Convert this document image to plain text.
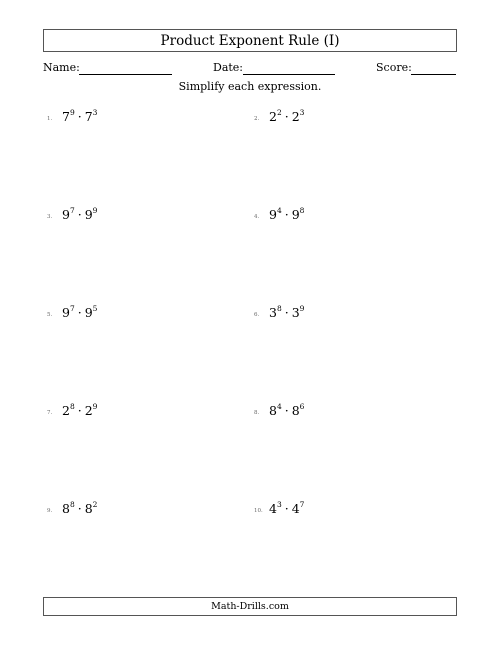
Product Exponent Rule (I)
Name:	Date:	Score:
Simplify each expression.
1. $7^9 \cdot 7^3$
2. $2^2 \cdot 2^3$
3. $9^7 \cdot 9^9$
4. $9^4 \cdot 9^8$
5. $9^7 \cdot 9^5$
6. $3^8 \cdot 3^9$
7. $2^8 \cdot 2^9$
8. $8^4 \cdot 8^6$
9. $8^8 \cdot 8^2$
10. $4^3 \cdot 4^7$
Math-Drills.com
